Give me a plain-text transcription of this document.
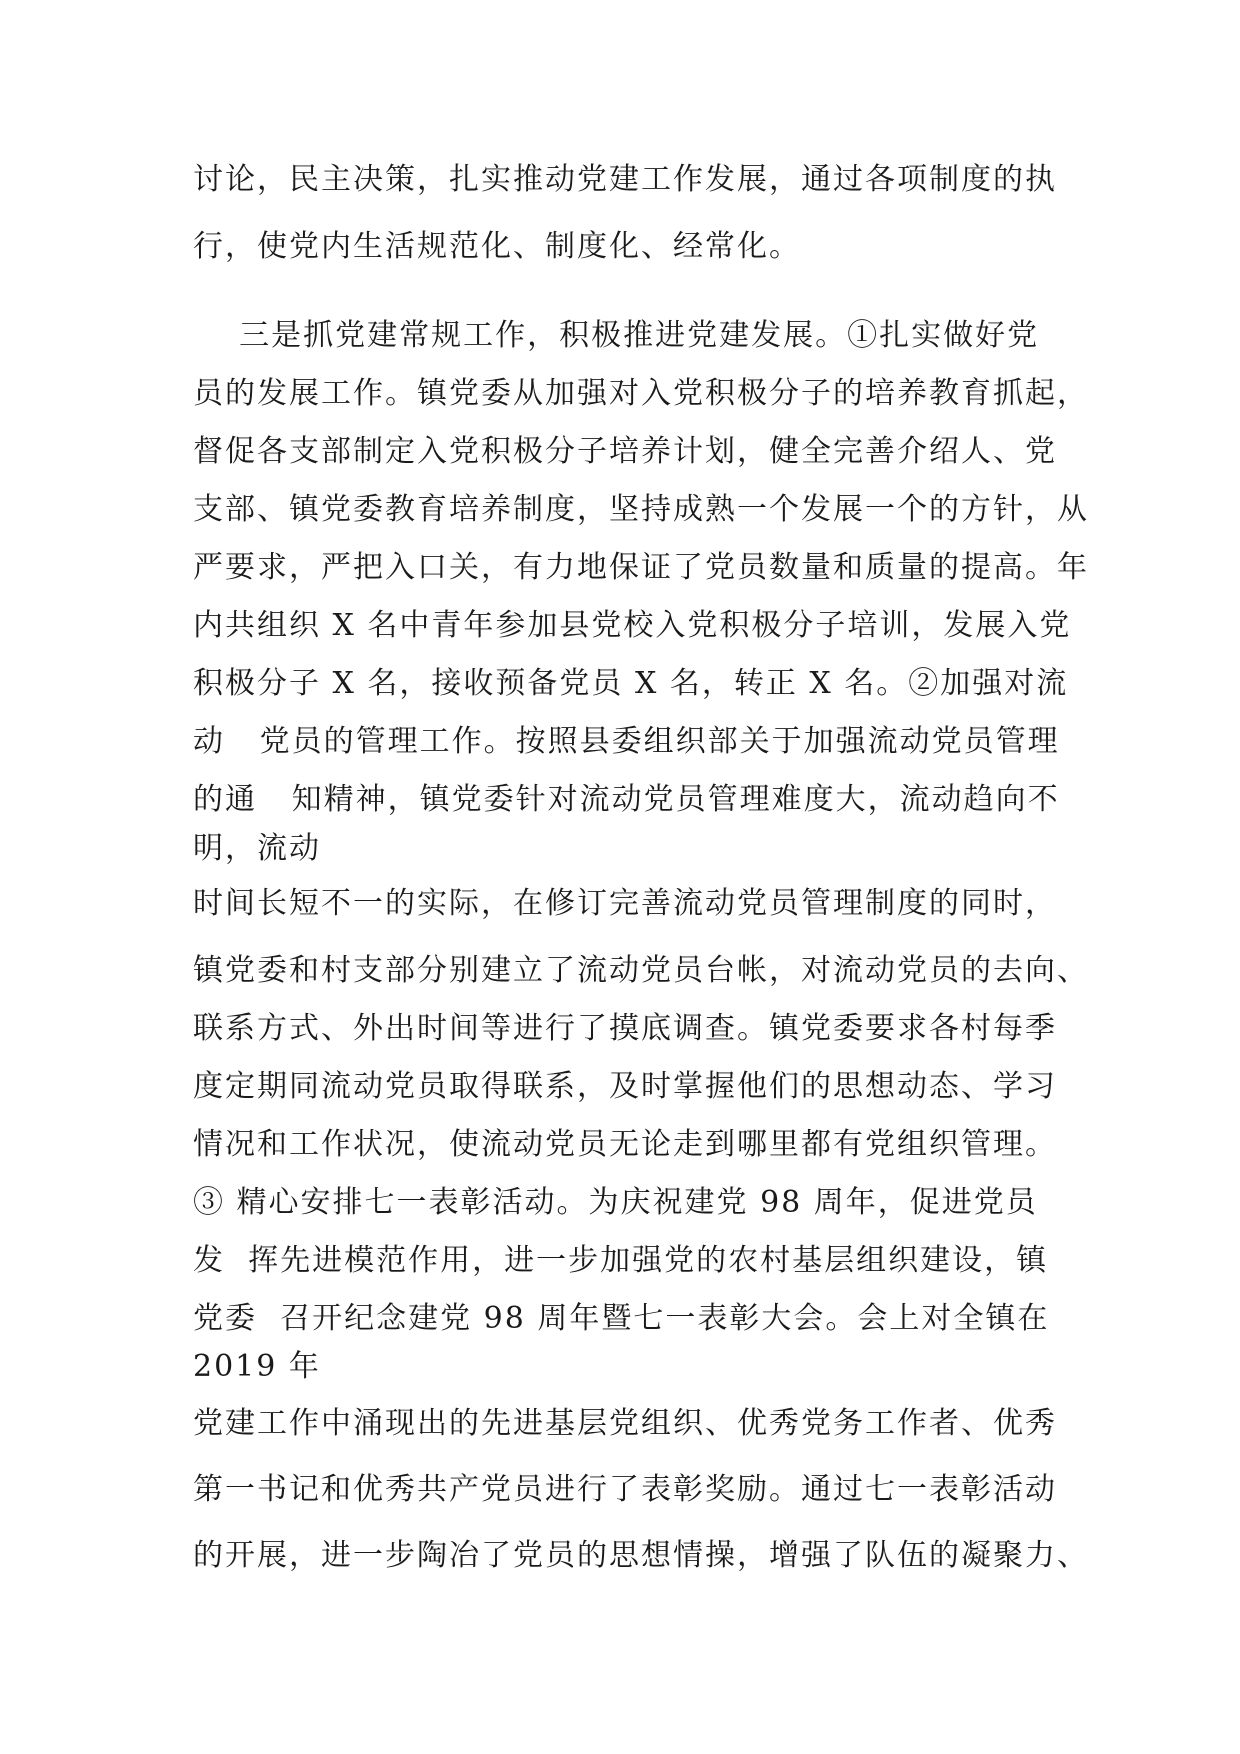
讨论，民主决策，扎实推动党建工作发展，通过各项制度的执
行，使党内生活规范化、制度化、经常化。
三是抓党建常规工作，积极推进党建发展。①扎实做好党
员的发展工作。镇党委从加强对入党积极分子的培养教育抓起，
督促各支部制定入党积极分子培养计划，健全完善介绍人、党
支部、镇党委教育培养制度，坚持成熟一个发展一个的方针，从
严要求，严把入口关，有力地保证了党员数量和质量的提高。年
内共组织 X 名中青年参加县党校入党积极分子培训，发展入党
积极分子 X 名，接收预备党员 X 名，转正 X 名。②加强对流
动   党员的管理工作。按照县委组织部关于加强流动党员管理
的通   知精神，镇党委针对流动党员管理难度大，流动趋向不
明，流动
时间长短不一的实际，在修订完善流动党员管理制度的同时，
镇党委和村支部分别建立了流动党员台帐，对流动党员的去向、
联系方式、外出时间等进行了摸底调查。镇党委要求各村每季
度定期同流动党员取得联系，及时掌握他们的思想动态、学习
情况和工作状况，使流动党员无论走到哪里都有党组织管理。
③ 精心安排七一表彰活动。为庆祝建党 98 周年，促进党员
发  挥先进模范作用，进一步加强党的农村基层组织建设，镇
党委  召开纪念建党 98 周年暨七一表彰大会。会上对全镇在
2019 年
党建工作中涌现出的先进基层党组织、优秀党务工作者、优秀
第一书记和优秀共产党员进行了表彰奖励。通过七一表彰活动
的开展，进一步陶冶了党员的思想情操，增强了队伍的凝聚力、
